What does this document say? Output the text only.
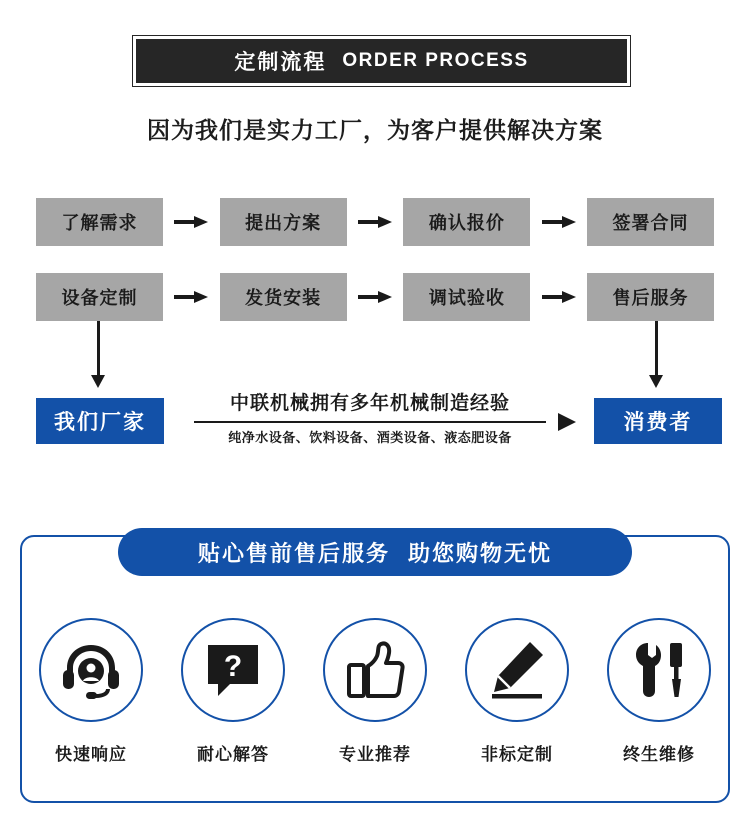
定制流程 ORDER PROCESS
因为我们是实力工厂，为客户提供解决方案
了解需求	提出方案	确认报价	签署合同
设备定制	发货安装	调试验收	售后服务
我们厂家
中联机械拥有多年机械制造经验
纯净水设备、饮料设备、酒类设备、液态肥设备
消费者
贴心售前售后服务 助您购物无忧
快速响应
?
耐心解答	专业推荐	非标定制	终生维修
